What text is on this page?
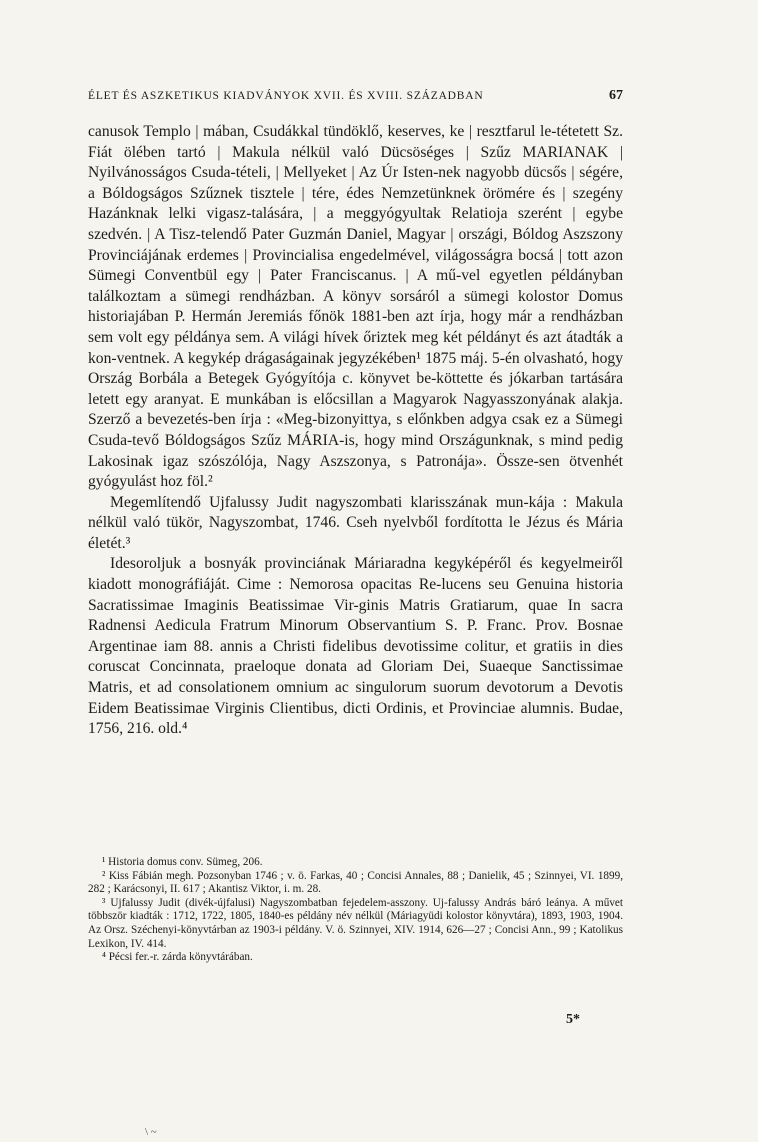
ÉLET ÉS ASZKETIKUS KIADVÁNYOK XVII. ÉS XVIII. SZÁZADBAN	67

canusok Templo | mában, Csudákkal tündöklő, keserves, ke | resztfarul le-tétetett Sz. Fiát ölében tartó | Makula nélkül való Dücsöséges | Szűz MARIANAK | Nyilvánosságos Csuda-tételi, | Mellyeket | Az Úr Isten-nek nagyobb dücsős | ségére, a Bóldogságos Szűznek tisztele | tére, édes Nemzetünknek örömére és | szegény Hazánknak lelki vigasz-talására, | a meggyógyultak Relatioja szerént | egybe szedvén. | A Tisz-telendő Pater Guzmán Daniel, Magyar | országi, Bóldog Aszszony Provinciájának erdemes | Provincialisa engedelmével, világosságra bocsá | tott azon Sümegi Conventbül egy | Pater Franciscanus. | A mű-vel egyetlen példányban találkoztam a sümegi rendházban. A könyv sorsáról a sümegi kolostor Domus historiajában P. Hermán Jeremiás főnök 1881-ben azt írja, hogy már a rendházban sem volt egy példánya sem. A világi hívek őriztek meg két példányt és azt átadták a kon-ventnek. A kegykép drágaságainak jegyzékében¹ 1875 máj. 5-én olvasható, hogy Ország Borbála a Betegek Gyógyítója c. könyvet be-köttette és jókarban tartására letett egy aranyat. E munkában is előcsillan a Magyarok Nagyasszonyának alakja. Szerző a bevezetés-ben írja : «Meg-bizonyittya, s előnkben adgya csak ez a Sümegi Csuda-tevő Bóldogságos Szűz MÁRIA-is, hogy mind Országunknak, s mind pedig Lakosinak igaz szószólója, Nagy Aszszonya, s Patronája». Össze-sen ötvenhét gyógyulást hoz föl.²

Megemlítendő Ujfalussy Judit nagyszombati klarisszának mun-kája : Makula nélkül való tükör, Nagyszombat, 1746. Cseh nyelvből fordította le Jézus és Mária életét.³

Idesoroljuk a bosnyák provinciának Máriaradna kegyképéről és kegyelmeiről kiadott monográfiáját. Cime : Nemorosa opacitas Re-lucens seu Genuina historia Sacratissimae Imaginis Beatissimae Vir-ginis Matris Gratiarum, quae In sacra Radnensi Aedicula Fratrum Minorum Observantium S. P. Franc. Prov. Bosnae Argentinae iam 88. annis a Christi fidelibus devotissime colitur, et gratiis in dies coruscat Concinnata, praeloque donata ad Gloriam Dei, Suaeque Sanctissimae Matris, et ad consolationem omnium ac singulorum suorum devotorum a Devotis Eidem Beatissimae Virginis Clientibus, dicti Ordinis, et Provinciae alumnis. Budae, 1756, 216. old.⁴

¹ Historia domus conv. Sümeg, 206.

² Kiss Fábián megh. Pozsonyban 1746 ; v. ö. Farkas, 40 ; Concisi Annales, 88 ; Danielik, 45 ; Szinnyei, VI. 1899, 282 ; Karácsonyi, II. 617 ; Akantisz Viktor, i. m. 28.

³ Ujfalussy Judit (divék-újfalusi) Nagyszombatban fejedelem-asszony. Uj-falussy András báró leánya. A művet többször kiadták : 1712, 1722, 1805, 1840-es példány név nélkül (Máriagyüdi kolostor könyvtára), 1893, 1903, 1904. Az Orsz. Széchenyi-könyvtárban az 1903-i példány. V. ö. Szinnyei, XIV. 1914, 626—27 ; Concisi Ann., 99 ; Katolikus Lexikon, IV. 414.

⁴ Pécsi fer.-r. zárda könyvtárában.

5*
\ ~
